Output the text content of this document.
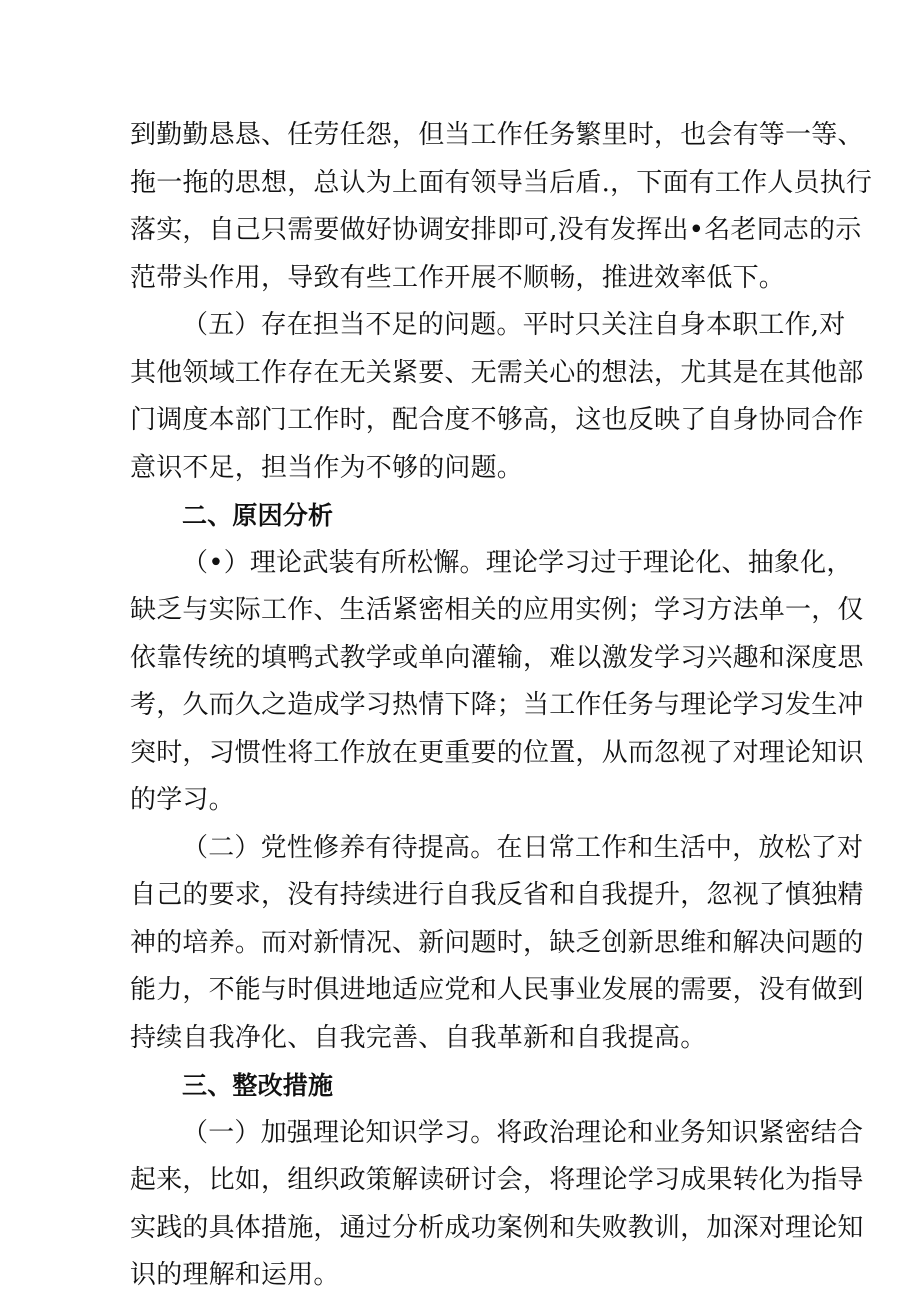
到勤勤恳恳、任劳任怨，但当工作任务繁里时，也会有等一等、
拖一拖的思想，总认为上面有领导当后盾.，下面有工作人员执行
落实，自己只需要做好协调安排即可,没有发挥出•名老同志的示
范带头作用，导致有些工作开展不顺畅，推进效率低下。
（五）存在担当不足的问题。平时只关注自身本职工作,对
其他领域工作存在无关紧要、无需关心的想法，尤其是在其他部
门调度本部门工作时，配合度不够高，这也反映了自身协同合作
意识不足，担当作为不够的问题。
二、原因分析
（•）理论武装有所松懈。理论学习过于理论化、抽象化，
缺乏与实际工作、生活紧密相关的应用实例；学习方法单一，仅
依靠传统的填鸭式教学或单向灌输，难以激发学习兴趣和深度思
考，久而久之造成学习热情下降；当工作任务与理论学习发生冲
突时，习惯性将工作放在更重要的位置，从而忽视了对理论知识
的学习。
（二）党性修养有待提高。在日常工作和生活中，放松了对
自己的要求，没有持续进行自我反省和自我提升，忽视了慎独精
神的培养。而对新情况、新问题时，缺乏创新思维和解决问题的
能力，不能与时俱进地适应党和人民事业发展的需要，没有做到
持续自我净化、自我完善、自我革新和自我提高。
三、整改措施
（一）加强理论知识学习。将政治理论和业务知识紧密结合
起来，比如，组织政策解读研讨会，将理论学习成果转化为指导
实践的具体措施，通过分析成功案例和失败教训，加深对理论知
识的理解和运用。
